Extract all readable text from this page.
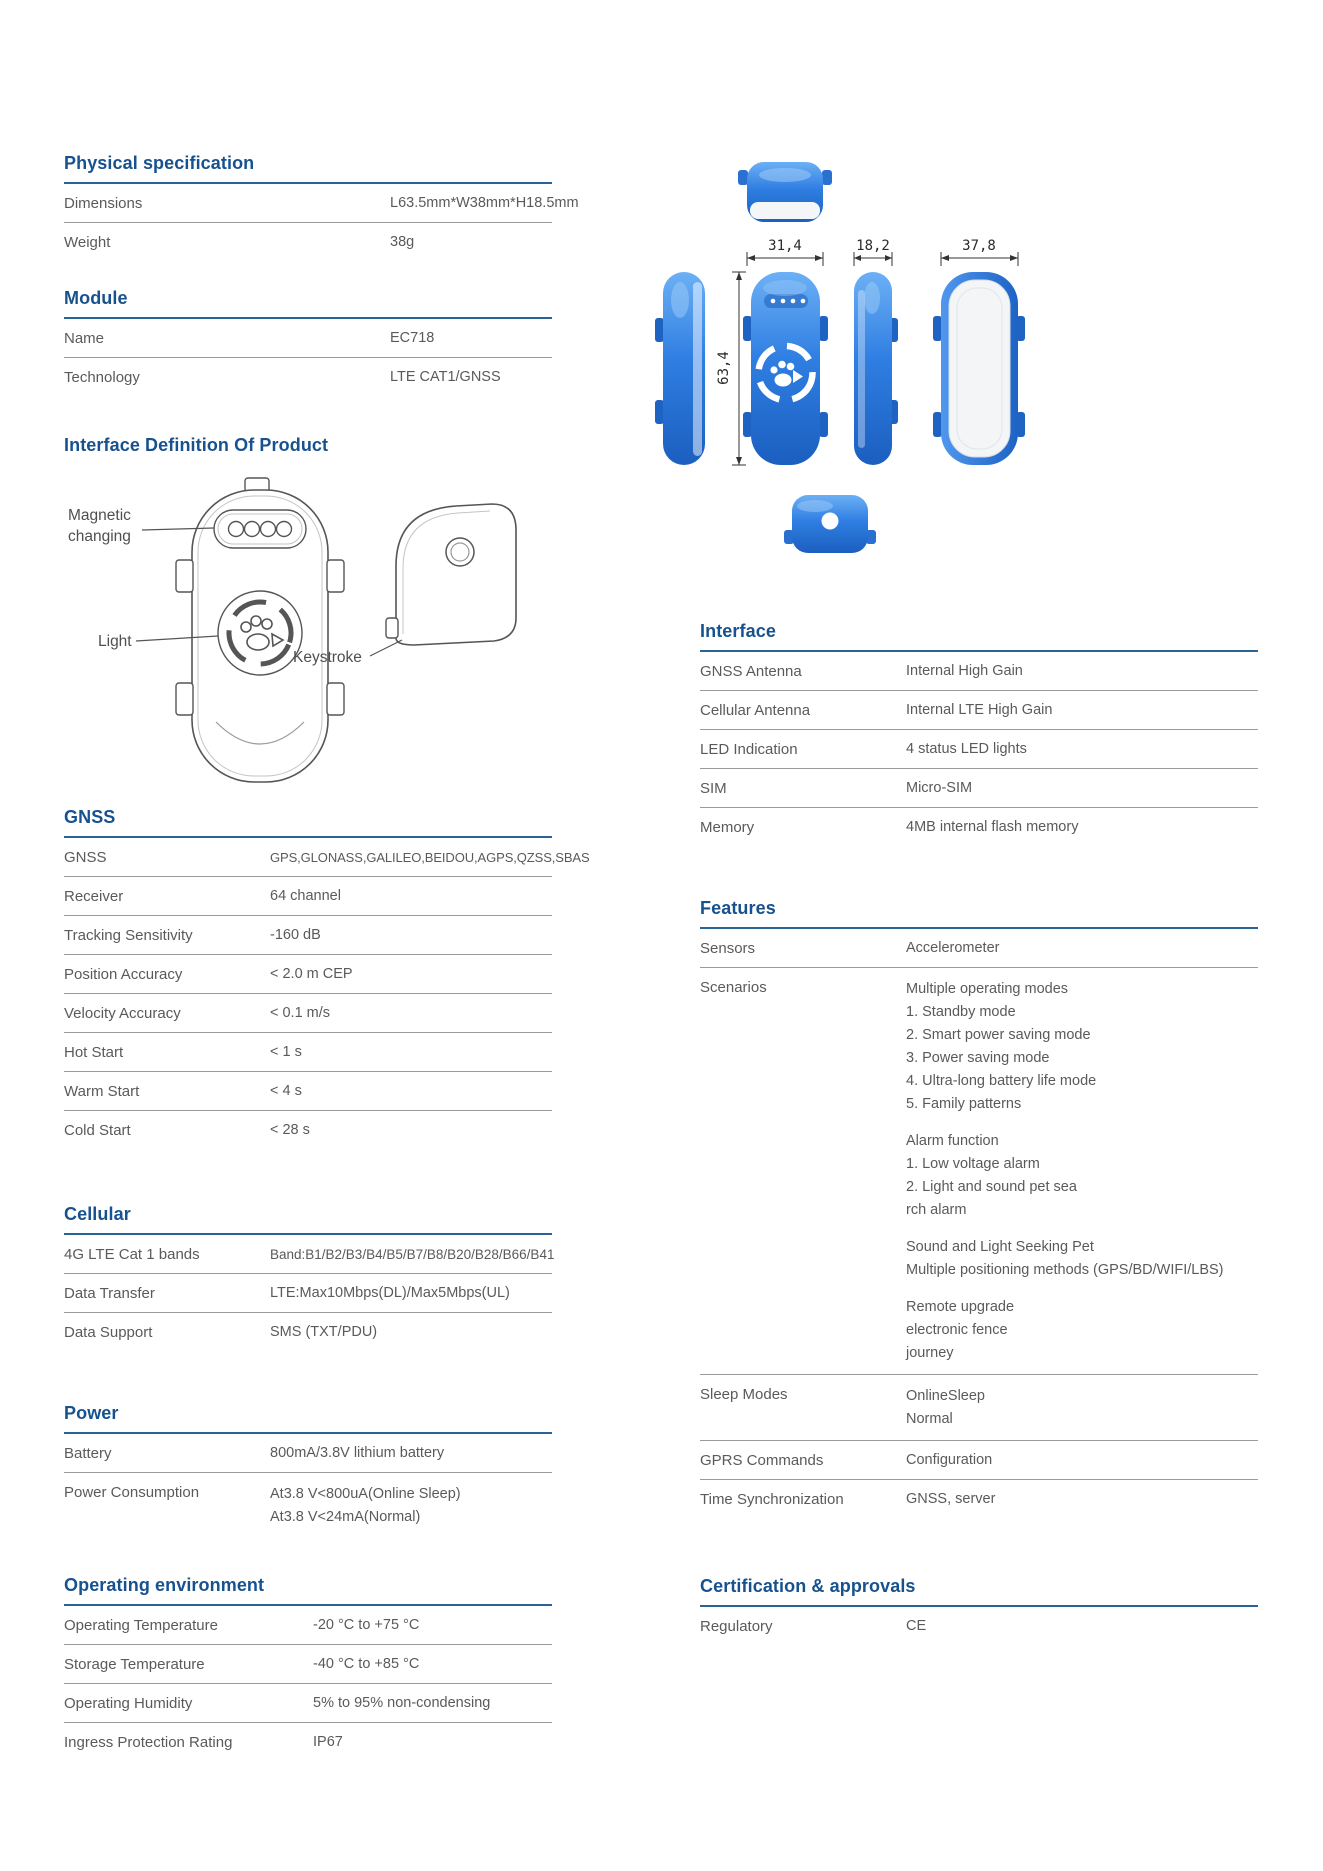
Physical specification
Dimensions	L63.5mm*W38mm*H18.5mm
Weight	38g
Module
Name	EC718
Technology	LTE CAT1/GNSS
Interface Definition Of Product
Magnetic
changing
Light
Keystroke
GNSS
GNSS	GPS,GLONASS,GALILEO,BEIDOU,AGPS,QZSS,SBAS
Receiver	64 channel
Tracking Sensitivity	-160 dB
Position Accuracy	< 2.0 m CEP
Velocity Accuracy	< 0.1 m/s
Hot Start	< 1 s
Warm Start	< 4 s
Cold Start	< 28 s
Cellular
4G LTE Cat 1 bands	Band:B1/B2/B3/B4/B5/B7/B8/B20/B28/B66/B41
Data Transfer	LTE:Max10Mbps(DL)/Max5Mbps(UL)
Data Support	SMS (TXT/PDU)
Power
Battery	800mA/3.8V lithium battery
Power Consumption	At3.8 V<800uA(Online Sleep)
At3.8 V<24mA(Normal)
Operating environment
Operating Temperature	-20 °C to +75 °C
Storage Temperature	-40 °C to +85 °C
Operating Humidity	5% to 95% non-condensing
Ingress Protection Rating	IP67
31,4	18,2	37,8
63,4
Interface
GNSS Antenna	Internal High Gain
Cellular Antenna	Internal LTE High Gain
LED Indication	4 status LED lights
SIM	Micro-SIM
Memory	4MB internal flash memory
Features
Sensors	Accelerometer
Scenarios	Multiple operating modes
1. Standby mode
2. Smart power saving mode
3. Power saving mode
4. Ultra-long battery life mode
5. Family patterns
Alarm function
1. Low voltage alarm
2. Light and sound pet sea
rch alarm
Sound and Light Seeking Pet
Multiple positioning methods (GPS/BD/WIFI/LBS)
Remote upgrade
electronic fence
journey
Sleep Modes	OnlineSleep
Normal
GPRS Commands	Configuration
Time Synchronization	GNSS, server
Certification & approvals
Regulatory	CE
